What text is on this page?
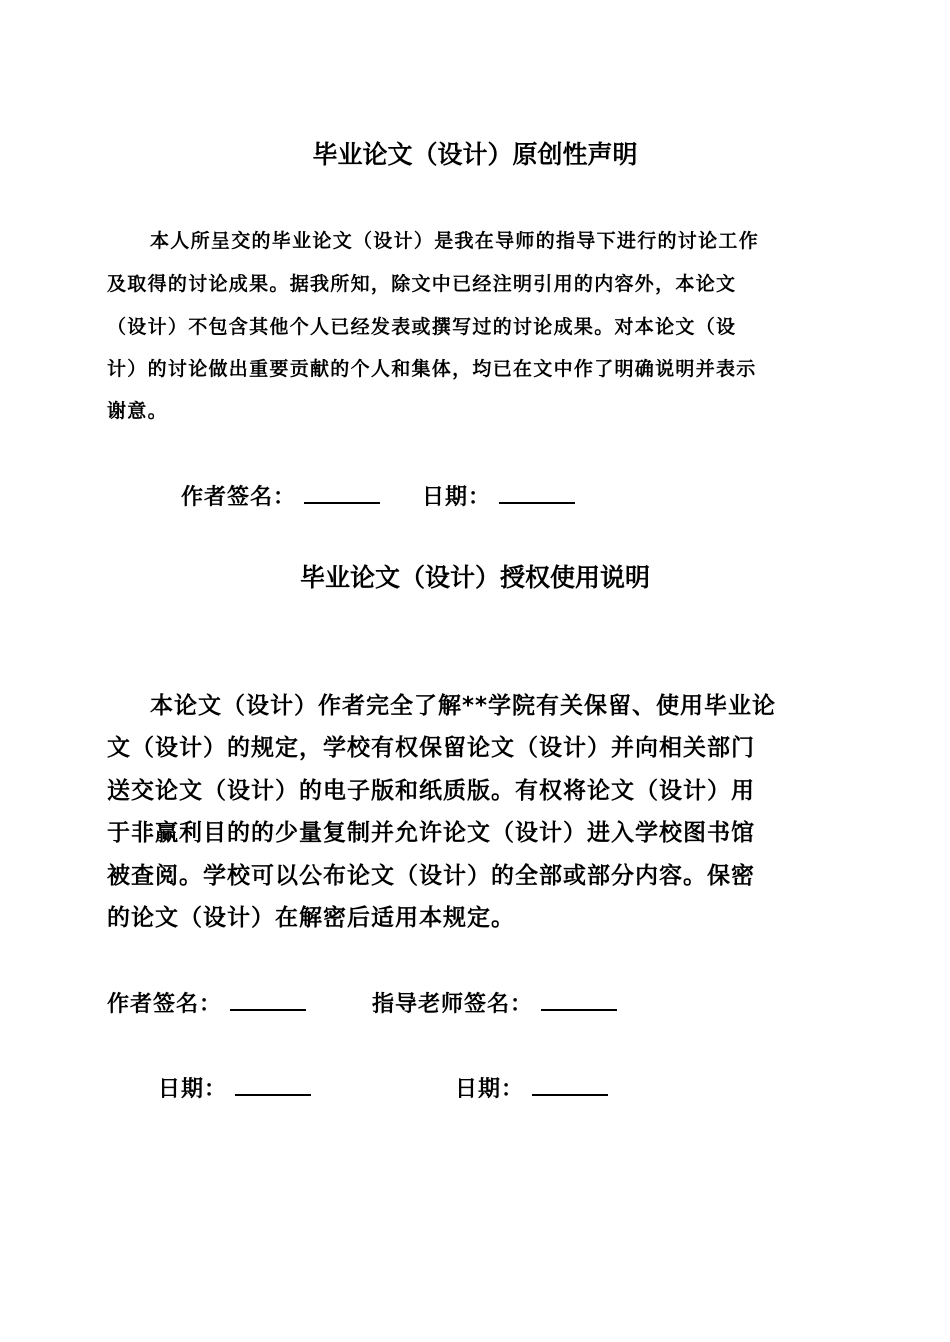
毕业论文（设计）原创性声明

本人所呈交的毕业论文（设计）是我在导师的指导下进行的讨论工作

及取得的讨论成果。据我所知，除文中已经注明引用的内容外，本论文

（设计）不包含其他个人已经发表或撰写过的讨论成果。对本论文（设

计）的讨论做出重要贡献的个人和集体，均已在文中作了明确说明并表示

谢意。

作者签名：	日期：
毕业论文（设计）授权使用说明

本论文（设计）作者完全了解**学院有关保留、使用毕业论

文（设计）的规定，学校有权保留论文（设计）并向相关部门

送交论文（设计）的电子版和纸质版。有权将论文（设计）用

于非赢利目的的少量复制并允许论文（设计）进入学校图书馆

被查阅。学校可以公布论文（设计）的全部或部分内容。保密

的论文（设计）在解密后适用本规定。

作者签名：	指导老师签名：
日期：	日期：
